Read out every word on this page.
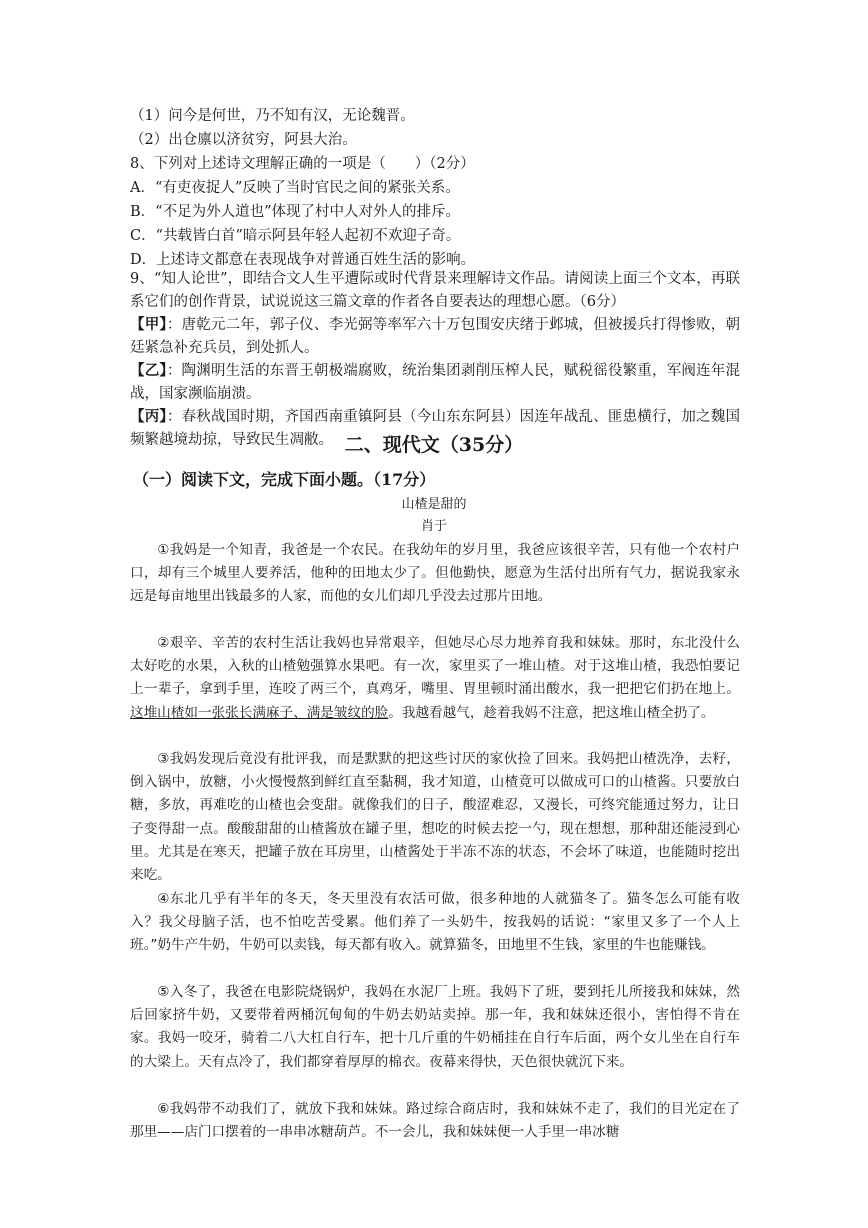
（1）问今是何世，乃不知有汉，无论魏晋。
（2）出仓廪以济贫穷，阿县大治。
8、下列对上述诗文理解正确的一项是（　　）（2分）
A．“有吏夜捉人”反映了当时官民之间的紧张关系。
B．“不足为外人道也”体现了村中人对外人的排斥。
C．“共载皆白首”暗示阿县年轻人起初不欢迎子奇。
D．上述诗文都意在表现战争对普通百姓生活的影响。
9、“知人论世”，即结合文人生平遭际或时代背景来理解诗文作品。请阅读上面三个文本，再联系它们的创作背景，试说说这三篇文章的作者各自要表达的理想心愿。（6分）
【甲】：唐乾元二年，郭子仪、李光弼等率军六十万包围安庆绪于邺城，但被援兵打得惨败，朝廷紧急补充兵员，到处抓人。
【乙】：陶渊明生活的东晋王朝极端腐败，统治集团剥削压榨人民，赋税徭役繁重，军阀连年混战，国家濒临崩溃。
【丙】：春秋战国时期，齐国西南重镇阿县（今山东东阿县）因连年战乱、匪患横行，加之魏国频繁越境劫掠，导致民生凋敝。 二、现代文（35分）
（一）阅读下文，完成下面小题。（17分）
山楂是甜的
肖于
①我妈是一个知青，我爸是一个农民。在我幼年的岁月里，我爸应该很辛苦，只有他一个农村户口，却有三个城里人要养活，他种的田地太少了。但他勤快，愿意为生活付出所有气力，据说我家永远是每亩地里出钱最多的人家，而他的女儿们却几乎没去过那片田地。
②艰辛、辛苦的农村生活让我妈也异常艰辛，但她尽心尽力地养育我和妹妹。那时，东北没什么太好吃的水果，入秋的山楂勉强算水果吧。有一次，家里买了一堆山楂。对于这堆山楂，我恐怕要记上一辈子，拿到手里，连咬了两三个，真鸡牙，嘴里、胃里顿时涌出酸水，我一把把它们扔在地上。这堆山楂如一张张长满麻子、满是皱纹的脸。我越看越气，趁着我妈不注意，把这堆山楂全扔了。
③我妈发现后竟没有批评我，而是默默的把这些讨厌的家伙捡了回来。我妈把山楂洗净，去籽，倒入锅中，放糖，小火慢慢熬到鲜红直至黏稠，我才知道，山楂竟可以做成可口的山楂酱。只要放白糖，多放，再难吃的山楂也会变甜。就像我们的日子，酸涩难忍，又漫长，可终究能通过努力，让日子变得甜一点。酸酸甜甜的山楂酱放在罐子里，想吃的时候去挖一勺，现在想想，那种甜还能浸到心里。尤其是在寒天，把罐子放在耳房里，山楂酱处于半冻不冻的状态，不会坏了味道，也能随时挖出来吃。
④东北几乎有半年的冬天，冬天里没有农活可做，很多种地的人就猫冬了。猫冬怎么可能有收入？我父母脑子活，也不怕吃苦受累。他们养了一头奶牛，按我妈的话说：“家里又多了一个人上班。”奶牛产牛奶，牛奶可以卖钱，每天都有收入。就算猫冬，田地里不生钱，家里的牛也能赚钱。
⑤入冬了，我爸在电影院烧锅炉，我妈在水泥厂上班。我妈下了班，要到托儿所接我和妹妹，然后回家挤牛奶，又要带着两桶沉甸甸的牛奶去奶站卖掉。那一年，我和妹妹还很小，害怕得不肯在家。我妈一咬牙，骑着二八大杠自行车，把十几斤重的牛奶桶挂在自行车后面，两个女儿坐在自行车的大梁上。天有点冷了，我们都穿着厚厚的棉衣。夜幕来得快，天色很快就沉下来。
⑥我妈带不动我们了，就放下我和妹妹。路过综合商店时，我和妹妹不走了，我们的目光定在了那里——店门口摆着的一串串冰糖葫芦。不一会儿，我和妹妹便一人手里一串冰糖
